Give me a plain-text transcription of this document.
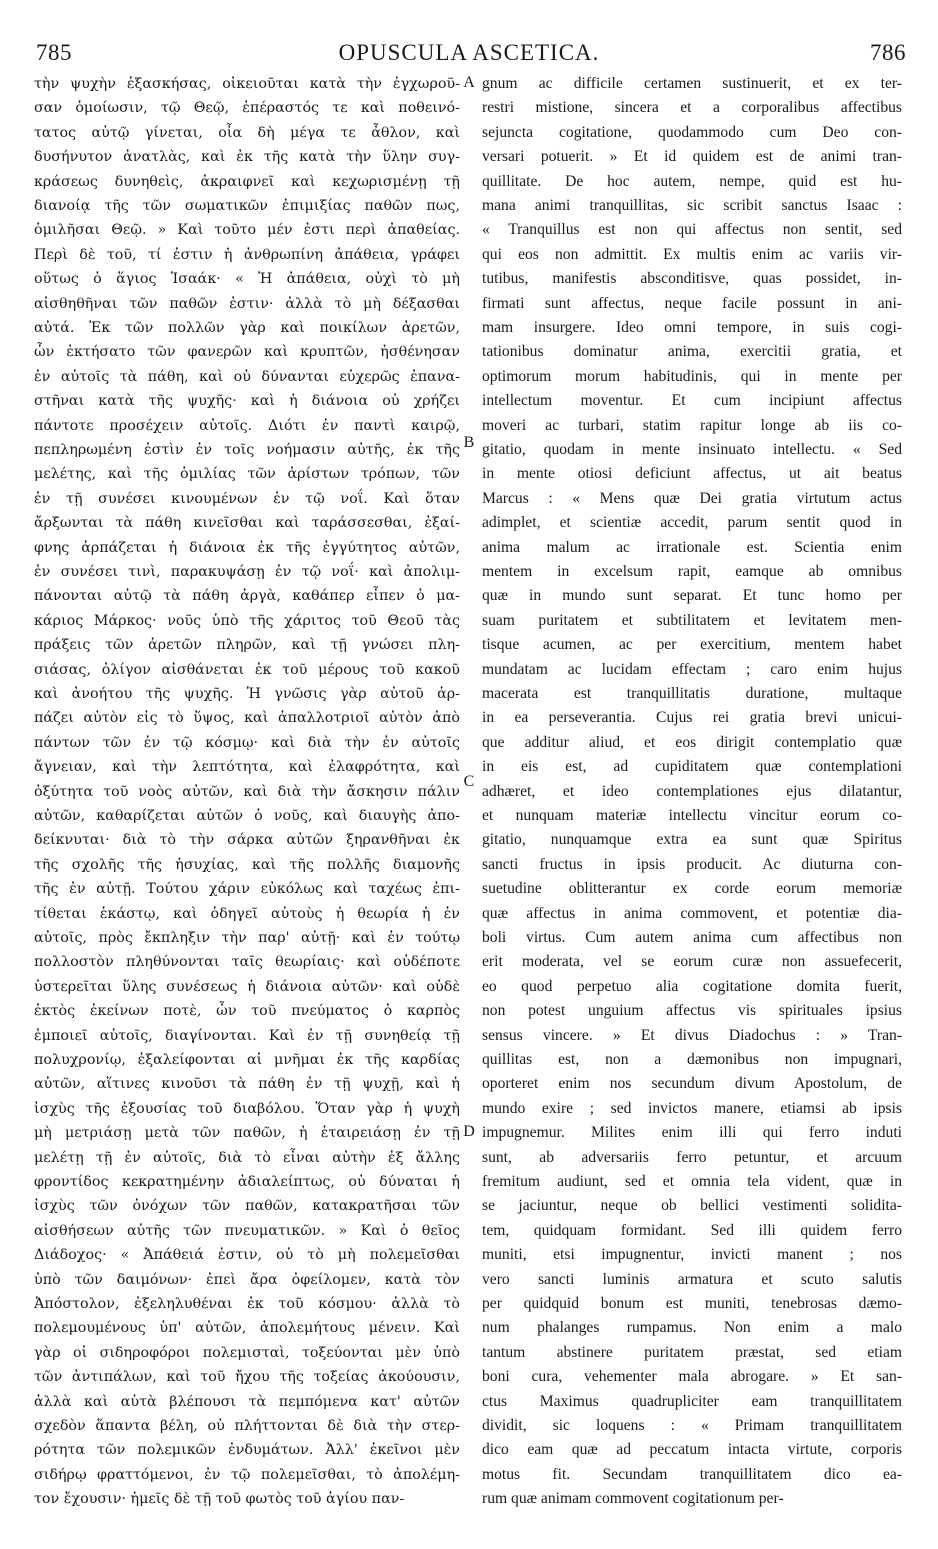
785	OPUSCULA ASCETICA.	786
τὴν ψυχὴν ἐξασκήσας, οἰκειοῦται κατὰ τὴν ἐγχωροῦ-
σαν ὁμοίωσιν, τῷ Θεῷ, ἐπέραστός τε καὶ ποθεινό-
τατος αὐτῷ γίνεται, οἷα δὴ μέγα τε ἆθλον, καὶ
δυσήνυτον ἀνατλὰς, καὶ ἐκ τῆς κατὰ τὴν ὕλην συγ-
κράσεως δυνηθεὶς, ἀκραιφνεῖ καὶ κεχωρισμένῃ τῇ
διανοίᾳ τῆς τῶν σωματικῶν ἐπιμιξίας παθῶν πως,
ὁμιλῆσαι Θεῷ. » Καὶ τοῦτο μέν ἐστι περὶ ἀπαθείας.
Περὶ δὲ τοῦ, τί ἐστιν ἡ ἀνθρωπίνη ἀπάθεια, γράφει
οὕτως ὁ ἅγιος Ἰσαάκ· « Ἡ ἀπάθεια, οὐχὶ τὸ μὴ
αἰσθηθῆναι τῶν παθῶν ἐστιν· ἀλλὰ τὸ μὴ δέξασθαι
αὐτά. Ἐκ τῶν πολλῶν γὰρ καὶ ποικίλων ἀρετῶν,
ὧν ἐκτήσατο τῶν φανερῶν καὶ κρυπτῶν, ἠσθένησαν
ἐν αὐτοῖς τὰ πάθη, καὶ οὐ δύνανται εὐχερῶς ἐπανα-
στῆναι κατὰ τῆς ψυχῆς· καὶ ἡ διάνοια οὐ χρήζει
πάντοτε προσέχειν αὐτοῖς. Διότι ἐν παντὶ καιρῷ,
πεπληρωμένη ἐστὶν ἐν τοῖς νοήμασιν αὐτῆς, ἐκ τῆς
μελέτης, καὶ τῆς ὁμιλίας τῶν ἀρίστων τρόπων, τῶν
ἐν τῇ συνέσει κινουμένων ἐν τῷ νοΐ. Καὶ ὅταν
ἄρξωνται τὰ πάθη κινεῖσθαι καὶ ταράσσεσθαι, ἐξαί-
φνης ἁρπάζεται ἡ διάνοια ἐκ τῆς ἐγγύτητος αὐτῶν,
ἐν συνέσει τινὶ, παρακυψάσῃ ἐν τῷ νοΐ· καὶ ἀπολιμ-
πάνονται αὐτῷ τὰ πάθη ἀργὰ, καθάπερ εἶπεν ὁ μα-
κάριος Μάρκος· νοῦς ὑπὸ τῆς χάριτος τοῦ Θεοῦ τὰς
πράξεις τῶν ἀρετῶν πληρῶν, καὶ τῇ γνώσει πλη-
σιάσας, ὀλίγον αἰσθάνεται ἐκ τοῦ μέρους τοῦ κακοῦ
καὶ ἀνοήτου τῆς ψυχῆς. Ἡ γνῶσις γὰρ αὐτοῦ ἁρ-
πάζει αὐτὸν εἰς τὸ ὕψος, καὶ ἀπαλλοτριοῖ αὐτὸν ἀπὸ
πάντων τῶν ἐν τῷ κόσμῳ· καὶ διὰ τὴν ἐν αὐτοῖς
ἄγνειαν, καὶ τὴν λεπτότητα, καὶ ἐλαφρότητα, καὶ
ὀξύτητα τοῦ νοὸς αὐτῶν, καὶ διὰ τὴν ἄσκησιν πάλιν
αὐτῶν, καθαρίζεται αὐτῶν ὁ νοῦς, καὶ διαυγὴς ἀπο-
δείκνυται· διὰ τὸ τὴν σάρκα αὐτῶν ξηρανθῆναι ἐκ
τῆς σχολῆς τῆς ἡσυχίας, καὶ τῆς πολλῆς διαμονῆς
τῆς ἐν αὐτῇ. Τούτου χάριν εὐκόλως καὶ ταχέως ἐπι-
τίθεται ἑκάστῳ, καὶ ὁδηγεῖ αὐτοὺς ἡ θεωρία ἡ ἐν
αὐτοῖς, πρὸς ἔκπληξιν τὴν παρ' αὐτῇ· καὶ ἐν τούτῳ
πολλοστὸν πληθύνονται ταῖς θεωρίαις· καὶ οὐδέποτε
ὑστερεῖται ὕλης συνέσεως ἡ διάνοια αὐτῶν· καὶ οὐδὲ
ἐκτὸς ἐκείνων ποτὲ, ὧν τοῦ πνεύματος ὁ καρπὸς
ἐμποιεῖ αὐτοῖς, διαγίνονται. Καὶ ἐν τῇ συνηθείᾳ τῇ
πολυχρονίῳ, ἐξαλείφονται αἱ μνῆμαι ἐκ τῆς καρδίας
αὐτῶν, αἵτινες κινοῦσι τὰ πάθη ἐν τῇ ψυχῇ, καὶ ἡ
ἰσχὺς τῆς ἐξουσίας τοῦ διαβόλου. Ὅταν γὰρ ἡ ψυχὴ
μὴ μετριάσῃ μετὰ τῶν παθῶν, ἡ ἑταιρειάσῃ ἐν τῇ
μελέτῃ τῇ ἐν αὐτοῖς, διὰ τὸ εἶναι αὐτὴν ἐξ ἄλλης
φροντίδος κεκρατημένην ἀδιαλείπτως, οὐ δύναται ἡ
ἰσχὺς τῶν ὀνόχων τῶν παθῶν, κατακρατῆσαι τῶν
αἰσθήσεων αὐτῆς τῶν πνευματικῶν. » Καὶ ὁ θεῖος
Διάδοχος· « Ἀπάθειά ἐστιν, οὐ τὸ μὴ πολεμεῖσθαι
ὑπὸ τῶν δαιμόνων· ἐπεὶ ἄρα ὀφείλομεν, κατὰ τὸν
Ἀπόστολον, ἐξεληλυθέναι ἐκ τοῦ κόσμου· ἀλλὰ τὸ
πολεμουμένους ὑπ' αὐτῶν, ἀπολεμήτους μένειν. Καὶ
γὰρ οἱ σιδηροφόροι πολεμισταὶ, τοξεύονται μὲν ὑπὸ
τῶν ἀντιπάλων, καὶ τοῦ ἤχου τῆς τοξείας ἀκούουσιν,
ἀλλὰ καὶ αὐτὰ βλέπουσι τὰ πεμπόμενα κατ' αὐτῶν
σχεδὸν ἅπαντα βέλη, οὐ πλήττονται δὲ διὰ τὴν στερ-
ρότητα τῶν πολεμικῶν ἐνδυμάτων. Ἀλλ' ἐκεῖνοι μὲν
σιδήρῳ φραττόμενοι, ἐν τῷ πολεμεῖσθαι, τὸ ἀπολέμη-
τον ἔχουσιν· ἡμεῖς δὲ τῇ τοῦ φωτὸς τοῦ ἁγίου παν-
gnum ac difficile certamen sustinuerit, et ex ter-
restri mistione, sincera et a corporalibus affectibus
sejuncta cogitatione, quodammodo cum Deo con-
versari potuerit. » Et id quidem est de animi tran-
quillitate. De hoc autem, nempe, quid est hu-
mana animi tranquillitas, sic scribit sanctus Isaac :
« Tranquillus est non qui affectus non sentit, sed
qui eos non admittit. Ex multis enim ac variis vir-
tutibus, manifestis absconditisve, quas possidet, in-
firmati sunt affectus, neque facile possunt in ani-
mam insurgere. Ideo omni tempore, in suis cogi-
tationibus dominatur anima, exercitii gratia, et
optimorum morum habitudinis, qui in mente per
intellectum moventur. Et cum incipiunt affectus
moveri ac turbari, statim rapitur longe ab iis co-
gitatio, quodam in mente insinuato intellectu. « Sed
in mente otiosi deficiunt affectus, ut ait beatus
Marcus : « Mens quæ Dei gratia virtutum actus
adimplet, et scientiæ accedit, parum sentit quod in
anima malum ac irrationale est. Scientia enim
mentem in excelsum rapit, eamque ab omnibus
quæ in mundo sunt separat. Et tunc homo per
suam puritatem et subtilitatem et levitatem men-
tisque acumen, ac per exercitium, mentem habet
mundatam ac lucidam effectam ; caro enim hujus
macerata est tranquillitatis duratione, multaque
in ea perseverantia. Cujus rei gratia brevi unicui-
que additur aliud, et eos dirigit contemplatio quæ
in eis est, ad cupiditatem quæ contemplationi
adhæret, et ideo contemplationes ejus dilatantur,
et nunquam materiæ intellectu vincitur eorum co-
gitatio, nunquamque extra ea sunt quæ Spiritus
sancti fructus in ipsis producit. Ac diuturna con-
suetudine oblitterantur ex corde eorum memoriæ
quæ affectus in anima commovent, et potentiæ dia-
boli virtus. Cum autem anima cum affectibus non
erit moderata, vel se eorum curæ non assuefecerit,
eo quod perpetuo alia cogitatione domita fuerit,
non potest unguium affectus vis spirituales ipsius
sensus vincere. » Et divus Diadochus : » Tran-
quillitas est, non a dæmonibus non impugnari,
oporteret enim nos secundum divum Apostolum, de
mundo exire ; sed invictos manere, etiamsi ab ipsis
impugnemur. Milites enim illi qui ferro induti
sunt, ab adversariis ferro petuntur, et arcuum
fremitum audiunt, sed et omnia tela vident, quæ in
se jaciuntur, neque ob bellici vestimenti solidita-
tem, quidquam formidant. Sed illi quidem ferro
muniti, etsi impugnentur, invicti manent ; nos
vero sancti luminis armatura et scuto salutis
per quidquid bonum est muniti, tenebrosas dæmo-
num phalanges rumpamus. Non enim a malo
tantum abstinere puritatem præstat, sed etiam
boni cura, vehementer mala abrogare. » Et san-
ctus Maximus quadrupliciter eam tranquillitatem
dividit, sic loquens : « Primam tranquillitatem
dico eam quæ ad peccatum intacta virtute, corporis
motus fit. Secundam tranquillitatem dico ea-
rum quæ animam commovent cogitationum per-
A
B
C
D
